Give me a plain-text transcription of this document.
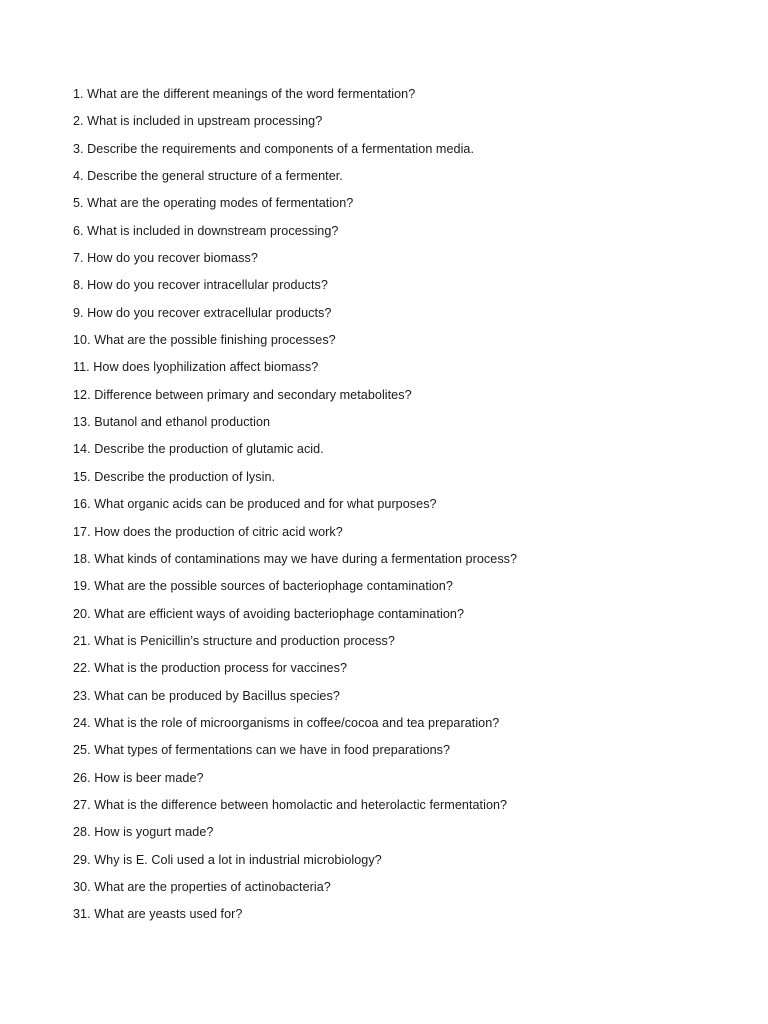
1. What are the different meanings of the word fermentation?
2. What is included in upstream processing?
3. Describe the requirements and components of a fermentation media.
4. Describe the general structure of a fermenter.
5. What are the operating modes of fermentation?
6. What is included in downstream processing?
7. How do you recover biomass?
8. How do you recover intracellular products?
9. How do you recover extracellular products?
10. What are the possible finishing processes?
11. How does lyophilization affect biomass?
12. Difference between primary and secondary metabolites?
13. Butanol and ethanol production
14. Describe the production of glutamic acid.
15. Describe the production of lysin.
16. What organic acids can be produced and for what purposes?
17. How does the production of citric acid work?
18. What kinds of contaminations may we have during a fermentation process?
19. What are the possible sources of bacteriophage contamination?
20. What are efficient ways of avoiding bacteriophage contamination?
21. What is Penicillin’s structure and production process?
22. What is the production process for vaccines?
23. What can be produced by Bacillus species?
24. What is the role of microorganisms in coffee/cocoa and tea preparation?
25. What types of fermentations can we have in food preparations?
26. How is beer made?
27. What is the difference between homolactic and heterolactic fermentation?
28. How is yogurt made?
29. Why is E. Coli used a lot in industrial microbiology?
30. What are the properties of actinobacteria?
31. What are yeasts used for?
